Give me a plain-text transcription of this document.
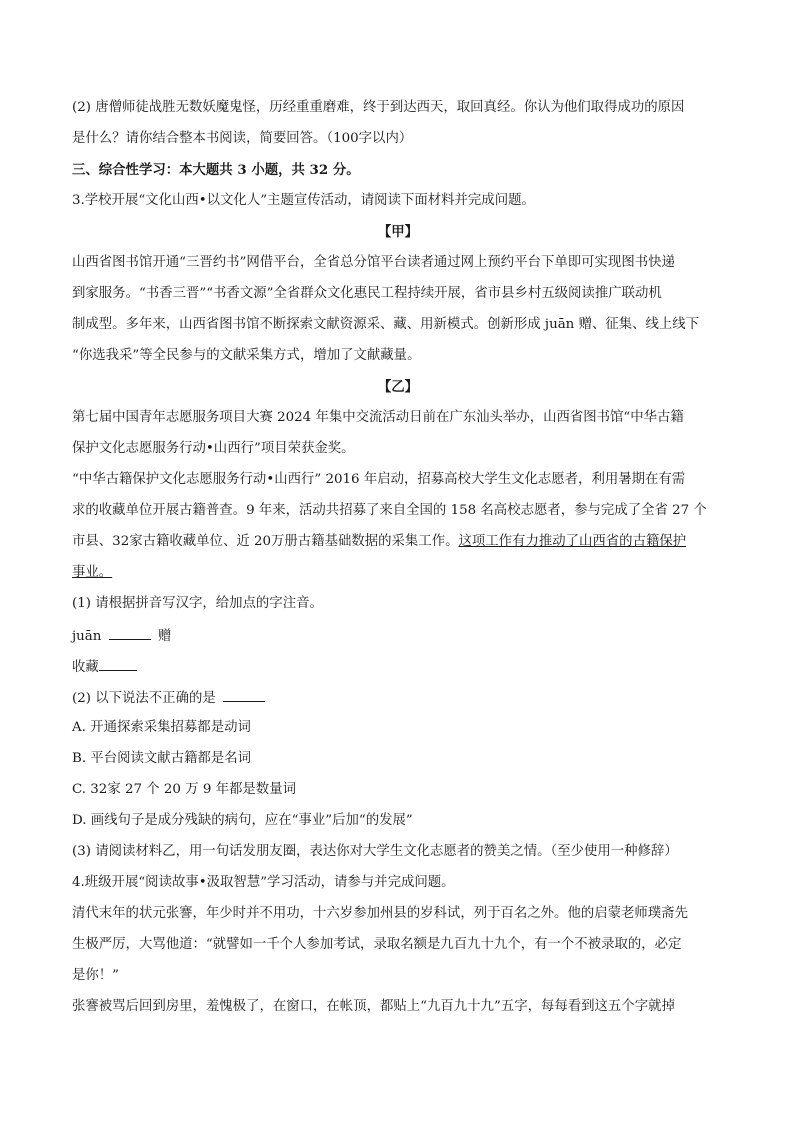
(2) 唐僧师徒战胜无数妖魔鬼怪，历经重重磨难，终于到达西天，取回真经。你认为他们取得成功的原因
是什么？请你结合整本书阅读，简要回答。（100字以内）
三、综合性学习：本大题共 3 小题，共 32 分。
3.学校开展“文化山西•以文化人”主题宣传活动，请阅读下面材料并完成问题。
【甲】
山西省图书馆开通“三晋约书”网借平台，全省总分馆平台读者通过网上预约平台下单即可实现图书快递
到家服务。“书香三晋”“书香文源”全省群众文化惠民工程持续开展，省市县乡村五级阅读推广联动机
制成型。多年来，山西省图书馆不断探索文献资源采、藏、用新模式。创新形成 juān 赠、征集、线上线下
“你选我采”等全民参与的文献采集方式，增加了文献藏量。
【乙】
第七届中国青年志愿服务项目大赛 2024 年集中交流活动日前在广东汕头举办，山西省图书馆“中华古籍
保护文化志愿服务行动•山西行”项目荣获金奖。
“中华古籍保护文化志愿服务行动•山西行” 2016 年启动，招募高校大学生文化志愿者，利用暑期在有需
求的收藏单位开展古籍普查。9 年来，活动共招募了来自全国的 158 名高校志愿者，参与完成了全省 27 个
市县、32家古籍收藏单位、近 20万册古籍基础数据的采集工作。这项工作有力推动了山西省的古籍保护
事业。
(1) 请根据拼音写汉字，给加点的字注音。
juān	赠
收藏
(2) 以下说法不正确的是
A. 开通探索采集招募都是动词
B. 平台阅读文献古籍都是名词
C. 32家 27 个 20 万 9 年都是数量词
D. 画线句子是成分残缺的病句，应在“事业”后加“的发展”
(3) 请阅读材料乙，用一句话发朋友圈，表达你对大学生文化志愿者的赞美之情。（至少使用一种修辞）
4.班级开展“阅读故事•汲取智慧”学习活动，请参与并完成问题。
清代末年的状元张謇，年少时并不用功，十六岁参加州县的岁科试，列于百名之外。他的启蒙老师璞斋先
生极严厉，大骂他道：“就譬如一千个人参加考试，录取名额是九百九十九个，有一个不被录取的，必定
是你！”
张謇被骂后回到房里，羞愧极了，在窗口，在帐顶，都贴上“九百九十九”五字，每每看到这五个字就掉
